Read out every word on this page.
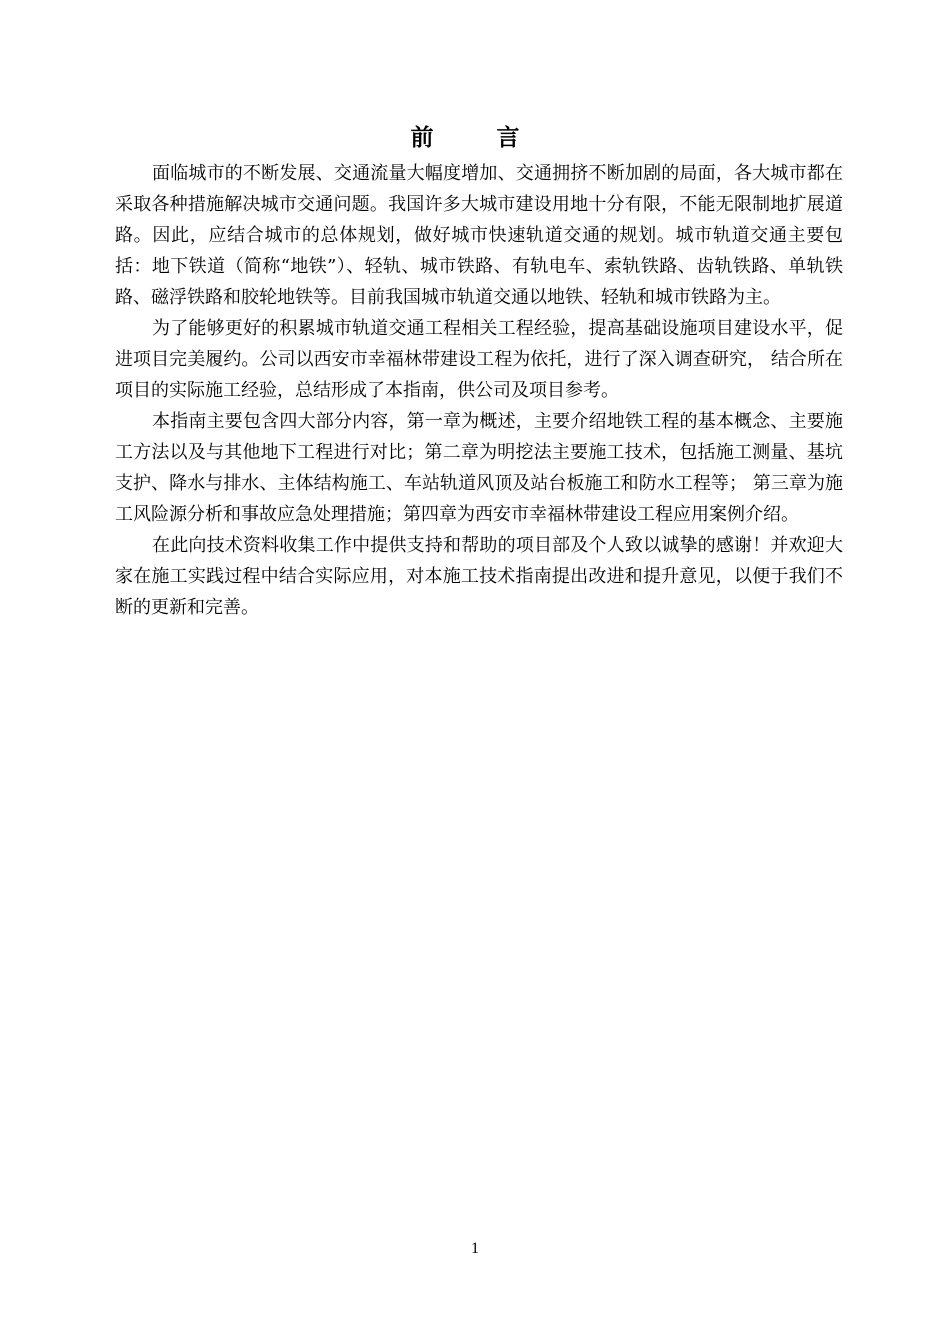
前　言

面临城市的不断发展、交通流量大幅度增加、交通拥挤不断加剧的局面，各大城市都在采取各种措施解决城市交通问题。我国许多大城市建设用地十分有限，不能无限制地扩展道路。因此，应结合城市的总体规划，做好城市快速轨道交通的规划。城市轨道交通主要包括：地下铁道（简称“地铁”）、轻轨、城市铁路、有轨电车、索轨铁路、齿轨铁路、单轨铁路、磁浮铁路和胶轮地铁等。目前我国城市轨道交通以地铁、轻轨和城市铁路为主。

为了能够更好的积累城市轨道交通工程相关工程经验，提高基础设施项目建设水平，促进项目完美履约。公司以西安市幸福林带建设工程为依托，进行了深入调查研究， 结合所在项目的实际施工经验，总结形成了本指南，供公司及项目参考。

本指南主要包含四大部分内容，第一章为概述，主要介绍地铁工程的基本概念、主要施工方法以及与其他地下工程进行对比；第二章为明挖法主要施工技术，包括施工测量、基坑支护、降水与排水、主体结构施工、车站轨道风顶及站台板施工和防水工程等； 第三章为施工风险源分析和事故应急处理措施；第四章为西安市幸福林带建设工程应用案例介绍。

在此向技术资料收集工作中提供支持和帮助的项目部及个人致以诚挚的感谢！并欢迎大家在施工实践过程中结合实际应用，对本施工技术指南提出改进和提升意见，以便于我们不断的更新和完善。

1
